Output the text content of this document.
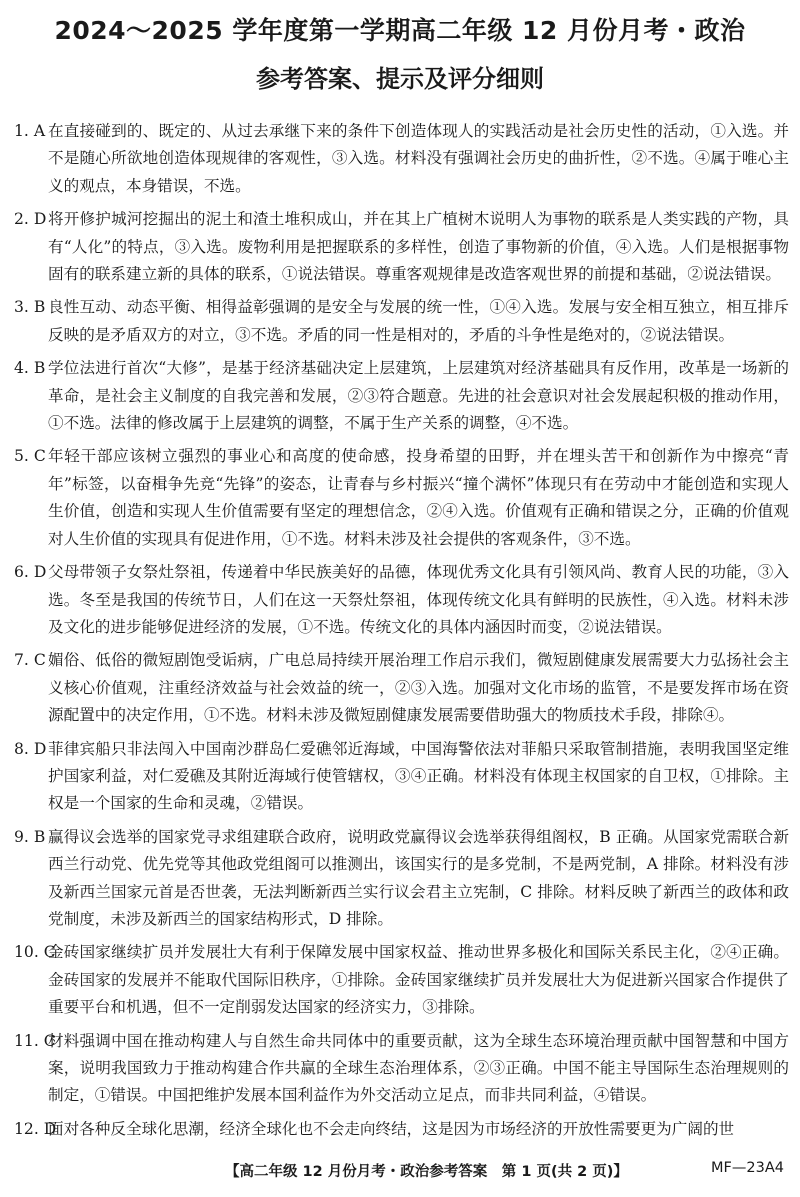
2024～2025 学年度第一学期高二年级 12 月份月考・政治
参考答案、提示及评分细则
1. A 在直接碰到的、既定的、从过去承继下来的条件下创造体现人的实践活动是社会历史性的活动，①入选。并不是随心所欲地创造体现规律的客观性，③入选。材料没有强调社会历史的曲折性，②不选。④属于唯心主义的观点，本身错误，不选。
2. D 将开修护城河挖掘出的泥土和渣土堆积成山，并在其上广植树木说明人为事物的联系是人类实践的产物，具有“人化”的特点，③入选。废物利用是把握联系的多样性，创造了事物新的价值，④入选。人们是根据事物固有的联系建立新的具体的联系，①说法错误。尊重客观规律是改造客观世界的前提和基础，②说法错误。
3. B 良性互动、动态平衡、相得益彰强调的是安全与发展的统一性，①④入选。发展与安全相互独立，相互排斥反映的是矛盾双方的对立，③不选。矛盾的同一性是相对的，矛盾的斗争性是绝对的，②说法错误。
4. B 学位法进行首次“大修”，是基于经济基础决定上层建筑，上层建筑对经济基础具有反作用，改革是一场新的革命，是社会主义制度的自我完善和发展，②③符合题意。先进的社会意识对社会发展起积极的推动作用，①不选。法律的修改属于上层建筑的调整，不属于生产关系的调整，④不选。
5. C 年轻干部应该树立强烈的事业心和高度的使命感，投身希望的田野，并在埋头苦干和创新作为中擦亮“青年”标签，以奋楫争先竞“先锋”的姿态，让青春与乡村振兴“撞个满怀”体现只有在劳动中才能创造和实现人生价值，创造和实现人生价值需要有坚定的理想信念，②④入选。价值观有正确和错误之分，正确的价值观对人生价值的实现具有促进作用，①不选。材料未涉及社会提供的客观条件，③不选。
6. D 父母带领子女祭灶祭祖，传递着中华民族美好的品德，体现优秀文化具有引领风尚、教育人民的功能，③入选。冬至是我国的传统节日，人们在这一天祭灶祭祖，体现传统文化具有鲜明的民族性，④入选。材料未涉及文化的进步能够促进经济的发展，①不选。传统文化的具体内涵因时而变，②说法错误。
7. C 媚俗、低俗的微短剧饱受诟病，广电总局持续开展治理工作启示我们，微短剧健康发展需要大力弘扬社会主义核心价值观，注重经济效益与社会效益的统一，②③入选。加强对文化市场的监管，不是要发挥市场在资源配置中的决定作用，①不选。材料未涉及微短剧健康发展需要借助强大的物质技术手段，排除④。
8. D 菲律宾船只非法闯入中国南沙群岛仁爱礁邻近海域，中国海警依法对菲船只采取管制措施，表明我国坚定维护国家利益，对仁爱礁及其附近海域行使管辖权，③④正确。材料没有体现主权国家的自卫权，①排除。主权是一个国家的生命和灵魂，②错误。
9. B 赢得议会选举的国家党寻求组建联合政府，说明政党赢得议会选举获得组阁权，B 正确。从国家党需联合新西兰行动党、优先党等其他政党组阁可以推测出，该国实行的是多党制，不是两党制，A 排除。材料没有涉及新西兰国家元首是否世袭，无法判断新西兰实行议会君主立宪制，C 排除。材料反映了新西兰的政体和政党制度，未涉及新西兰的国家结构形式，D 排除。
10. C
金砖国家继续扩员并发展壮大有利于保障发展中国家权益、推动世界多极化和国际关系民主化，②④正确。金砖国家的发展并不能取代国际旧秩序，①排除。金砖国家继续扩员并发展壮大为促进新兴国家合作提供了重要平台和机遇，但不一定削弱发达国家的经济实力，③排除。
11. C
材料强调中国在推动构建人与自然生命共同体中的重要贡献，这为全球生态环境治理贡献中国智慧和中国方案，说明我国致力于推动构建合作共赢的全球生态治理体系，②③正确。中国不能主导国际生态治理规则的制定，①错误。中国把维护发展本国利益作为外交活动立足点，而非共同利益，④错误。
12. D
面对各种反全球化思潮，经济全球化也不会走向终结，这是因为市场经济的开放性需要更为广阔的世
【高二年级 12 月份月考・政治参考答案　第 1 页(共 2 页)】	MF—23A4
